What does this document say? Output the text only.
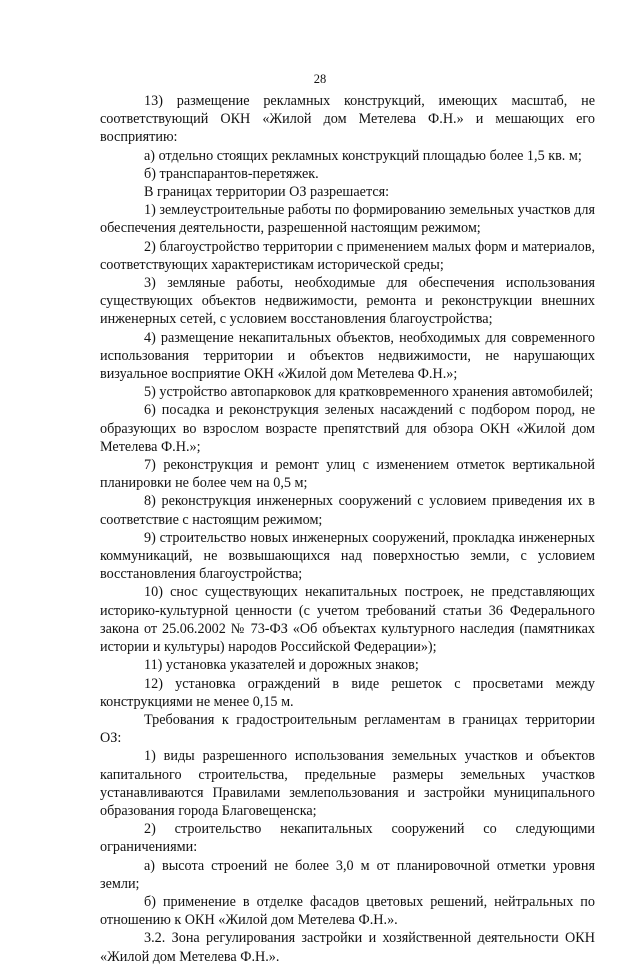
28

13) размещение рекламных конструкций, имеющих масштаб, не соответствующий ОКН «Жилой дом Метелева Ф.Н.» и мешающих его восприятию:

а) отдельно стоящих рекламных конструкций площадью более 1,5 кв. м;

б) транспарантов-перетяжек.

В границах территории ОЗ разрешается:

1) землеустроительные работы по формированию земельных участков для обеспечения деятельности, разрешенной настоящим режимом;

2) благоустройство территории с применением малых форм и материалов, соответствующих характеристикам исторической среды;

3) земляные работы, необходимые для обеспечения использования существующих объектов недвижимости, ремонта и реконструкции внешних инженерных сетей, с условием восстановления благоустройства;

4) размещение некапитальных объектов, необходимых для современного использования территории и объектов недвижимости, не нарушающих визуальное восприятие ОКН «Жилой дом Метелева Ф.Н.»;

5) устройство автопарковок для кратковременного хранения автомобилей;

6) посадка и реконструкция зеленых насаждений с подбором пород, не образующих во взрослом возрасте препятствий для обзора ОКН «Жилой дом Метелева Ф.Н.»;

7) реконструкция и ремонт улиц с изменением отметок вертикальной планировки не более чем на 0,5 м;

8) реконструкция инженерных сооружений с условием приведения их в соответствие с настоящим режимом;

9) строительство новых инженерных сооружений, прокладка инженерных коммуникаций, не возвышающихся над поверхностью земли, с условием восстановления благоустройства;

10) снос существующих некапитальных построек, не представляющих историко-культурной ценности (с учетом требований статьи 36 Федерального закона от 25.06.2002 № 73-ФЗ «Об объектах культурного наследия (памятниках истории и культуры) народов Российской Федерации»);

11) установка указателей и дорожных знаков;

12) установка ограждений в виде решеток с просветами между конструкциями не менее 0,15 м.

Требования к градостроительным регламентам в границах территории ОЗ:

1) виды разрешенного использования земельных участков и объектов капитального строительства, предельные размеры земельных участков устанавливаются Правилами землепользования и застройки муниципального образования города Благовещенска;

2) строительство некапитальных сооружений со следующими ограничениями:

а) высота строений не более 3,0 м от планировочной отметки уровня земли;

б) применение в отделке фасадов цветовых решений, нейтральных по отношению к ОКН «Жилой дом Метелева Ф.Н.».

3.2. Зона регулирования застройки и хозяйственной деятельности ОКН «Жилой дом Метелева Ф.Н.».
